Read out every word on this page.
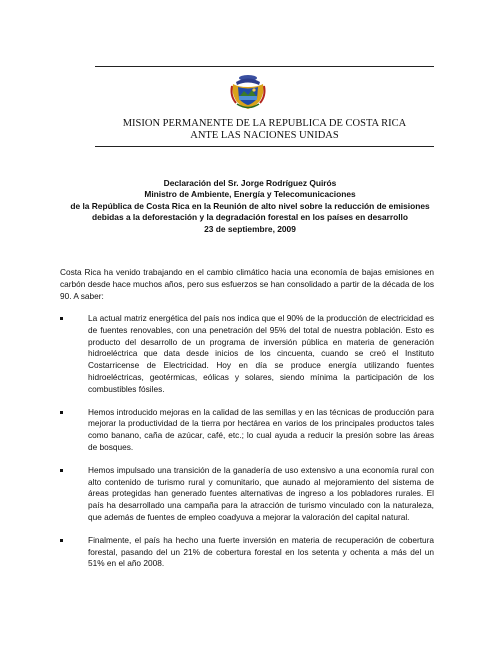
MISION PERMANENTE DE LA REPUBLICA DE COSTA RICA
ANTE LAS NACIONES UNIDAS
Declaración del Sr. Jorge Rodríguez Quirós
Ministro de Ambiente, Energía y Telecomunicaciones
de la República de Costa Rica en la Reunión de alto nivel sobre la reducción de emisiones
debidas a la deforestación y la degradación forestal en los países en desarrollo
23 de septiembre, 2009

Costa Rica ha venido trabajando en el cambio climático hacia una economía de bajas emisiones en carbón desde hace muchos años, pero sus esfuerzos se han consolidado a partir de la década de los 90. A saber:

La actual matriz energética del país nos indica que el 90% de la producción de electricidad es de fuentes renovables, con una penetración del 95% del total de nuestra población. Esto es producto del desarrollo de un programa de inversión pública en materia de generación hidroeléctrica que data desde inicios de los cincuenta, cuando se creó el Instituto Costarricense de Electricidad. Hoy en día se produce energía utilizando fuentes hidroeléctricas, geotérmicas, eólicas y solares, siendo mínima la participación de los combustibles fósiles.
Hemos introducido mejoras en la calidad de las semillas y en las técnicas de producción para mejorar la productividad de la tierra por hectárea en varios de los principales productos tales como banano, caña de azúcar, café, etc.; lo cual ayuda a reducir la presión sobre las áreas de bosques.
Hemos impulsado una transición de la ganadería de uso extensivo a una economía rural con alto contenido de turismo rural y comunitario, que aunado al mejoramiento del sistema de áreas protegidas han generado fuentes alternativas de ingreso a los pobladores rurales. El país ha desarrollado una campaña para la atracción de turismo vinculado con la naturaleza, que además de fuentes de empleo coadyuva a mejorar la valoración del capital natural.
Finalmente, el país ha hecho una fuerte inversión en materia de recuperación de cobertura forestal, pasando del un 21% de cobertura forestal en los setenta y ochenta a más del un 51% en el año 2008.
